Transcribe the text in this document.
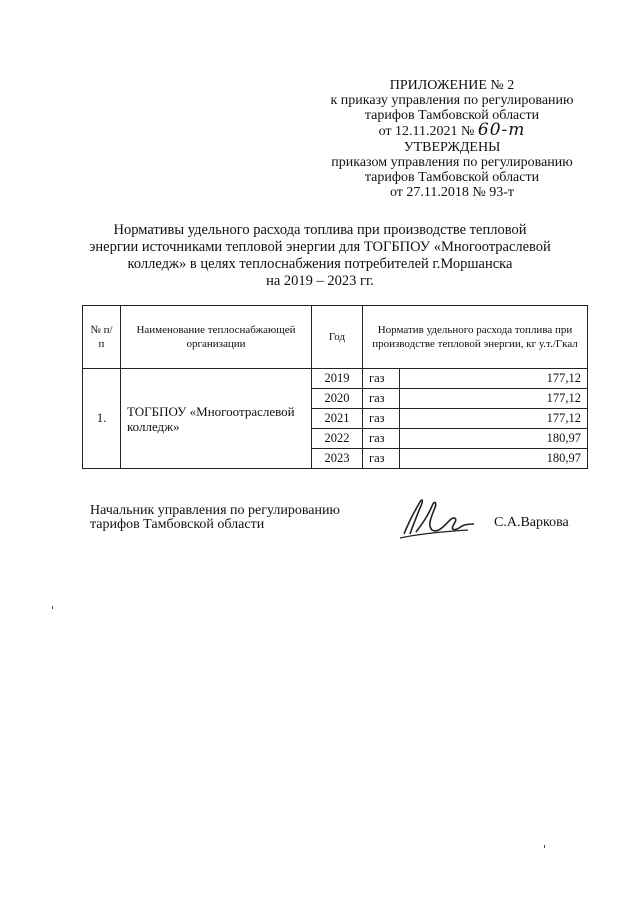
ПРИЛОЖЕНИЕ № 2
к приказу управления по регулированию
тарифов Тамбовской области
от 12.11.2021 № 60-т
УТВЕРЖДЕНЫ
приказом управления по регулированию
тарифов Тамбовской области
от 27.11.2018 № 93-т
Нормативы удельного расхода топлива при производстве тепловой
энергии источниками тепловой энергии для ТОГБПОУ «Многоотраслевой
колледж» в целях теплоснабжения потребителей г.Моршанска
на 2019 – 2023 гг.
№ п/п	Наименование теплоснабжающей организации	Год	Норматив удельного расхода топлива при производстве тепловой энергии, кг у.т./Гкал	
1.	ТОГБПОУ «Многоотраслевой колледж»	2019	газ	177,12
		2020	газ	177,12
		2021	газ	177,12
		2022	газ	180,97
		2023	газ	180,97
Начальник управления по регулированию
тарифов Тамбовской области	С.А.Варкова
